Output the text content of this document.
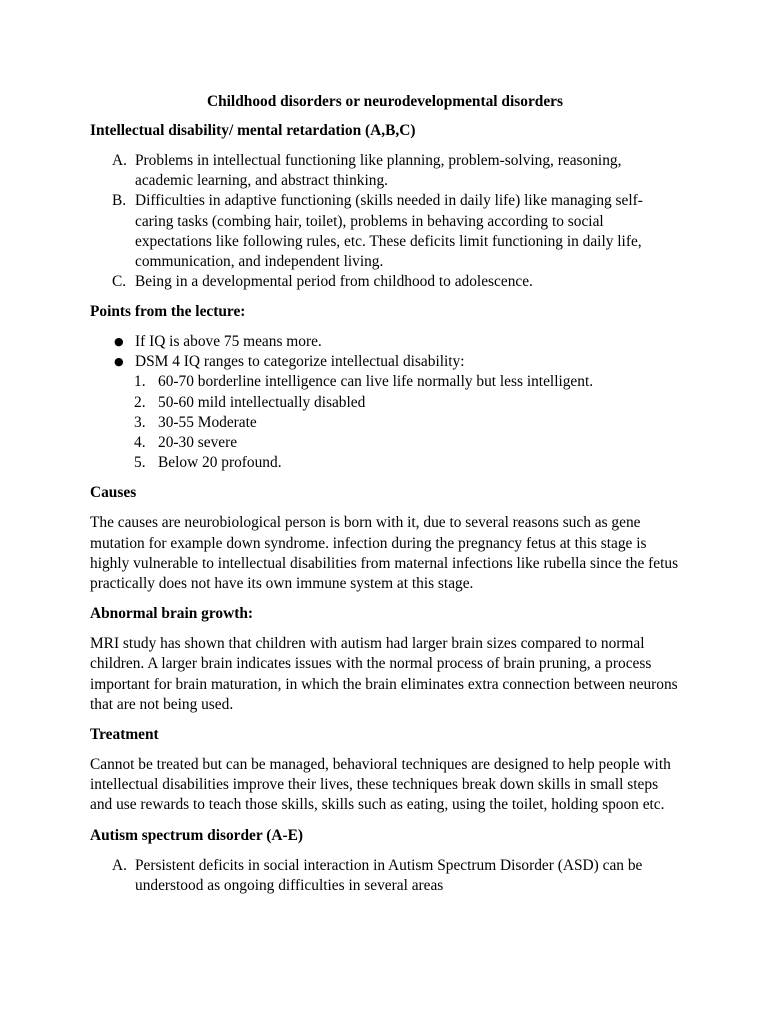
Childhood disorders or neurodevelopmental disorders

Intellectual disability/ mental retardation (A,B,C)

A. Problems in intellectual functioning like planning, problem-solving, reasoning, academic learning, and abstract thinking.
B. Difficulties in adaptive functioning (skills needed in daily life) like managing self-caring tasks (combing hair, toilet), problems in behaving according to social expectations like following rules, etc. These deficits limit functioning in daily life, communication, and independent living.
C. Being in a developmental period from childhood to adolescence.

Points from the lecture:

● If IQ is above 75 means more.
● DSM 4 IQ ranges to categorize intellectual disability:
1. 60-70 borderline intelligence can live life normally but less intelligent.
2. 50-60 mild intellectually disabled
3. 30-55 Moderate
4. 20-30 severe
5. Below 20 profound.

Causes

The causes are neurobiological person is born with it, due to several reasons such as gene mutation for example down syndrome. infection during the pregnancy fetus at this stage is highly vulnerable to intellectual disabilities from maternal infections like rubella since the fetus practically does not have its own immune system at this stage.

Abnormal brain growth:

MRI study has shown that children with autism had larger brain sizes compared to normal children. A larger brain indicates issues with the normal process of brain pruning, a process important for brain maturation, in which the brain eliminates extra connection between neurons that are not being used.

Treatment

Cannot be treated but can be managed, behavioral techniques are designed to help people with intellectual disabilities improve their lives, these techniques break down skills in small steps and use rewards to teach those skills, skills such as eating, using the toilet, holding spoon etc.

Autism spectrum disorder (A-E)

A. Persistent deficits in social interaction in Autism Spectrum Disorder (ASD) can be understood as ongoing difficulties in several areas
